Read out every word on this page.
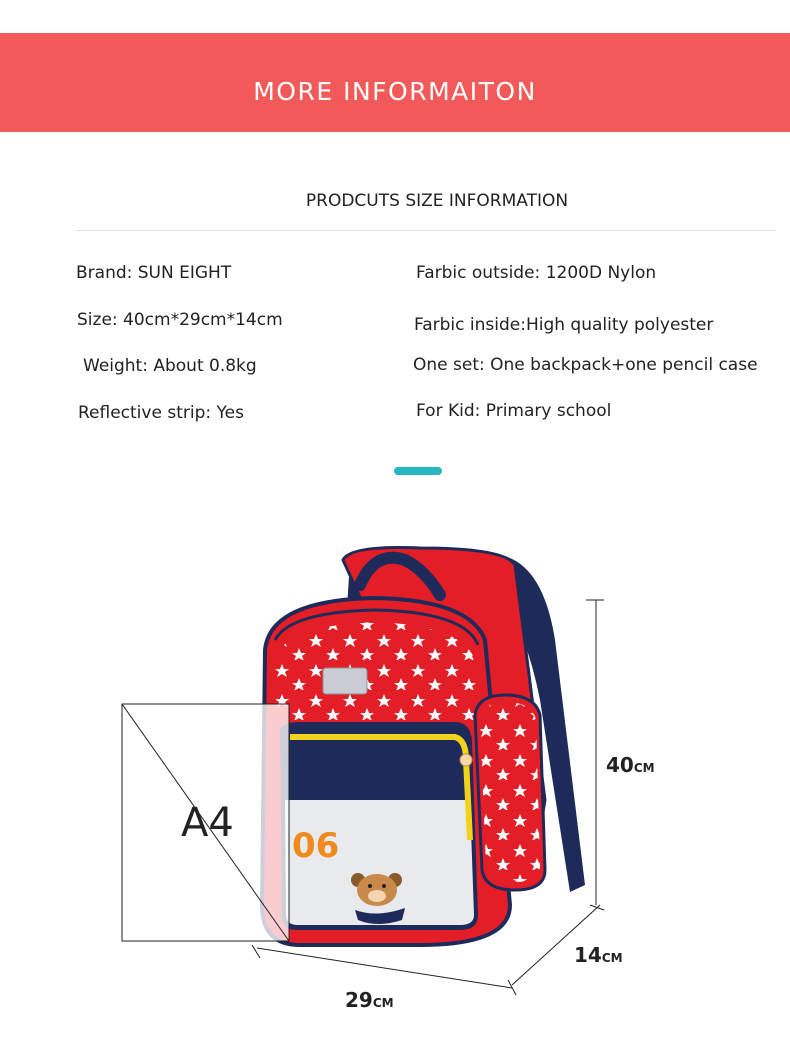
MORE INFORMAITON
PRODCUTS SIZE INFORMATION
Brand: SUN EIGHT
Size: 40cm*29cm*14cm
Weight: About 0.8kg
Reflective strip: Yes
Farbic outside: 1200D Nylon
Farbic inside:High quality polyester
One set: One backpack+one pencil case
For Kid: Primary school
06
A4
40CM
14CM
29CM
